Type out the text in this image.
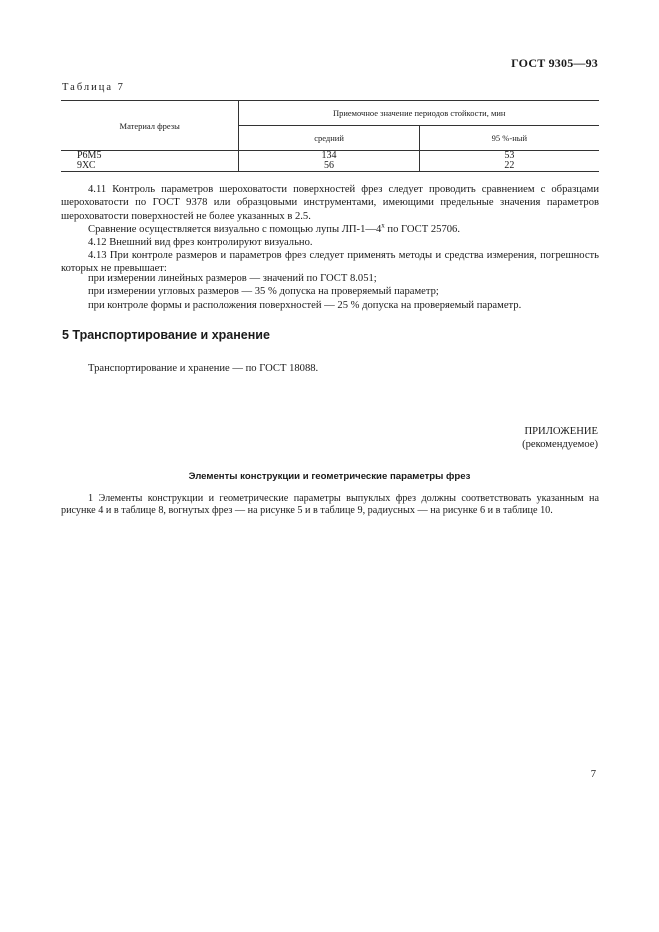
ГОСТ 9305—93
Таблица 7
Материал фрезы	Приемочное значение периодов стойкости, мин	
	средний	95 %-ный
Р6М5	134	53
9ХС	56	22
4.11 Контроль параметров шероховатости поверхностей фрез следует проводить сравнением с образцами шероховатости по ГОСТ 9378 или образцовыми инструментами, имеющими предельные значения параметров шероховатости поверхностей не более указанных в 2.5.
Сравнение осуществляется визуально с помощью лупы $ЛП-1—4^х$ по ГОСТ 25706.
4.12 Внешний вид фрез контролируют визуально.
4.13 При контроле размеров и параметров фрез следует применять методы и средства измерения, погрешность которых не превышает:
при измерении линейных размеров — значений по ГОСТ 8.051;
при измерении угловых размеров — 35 % допуска на проверяемый параметр;
при контроле формы и расположения поверхностей — 25 % допуска на проверяемый параметр.
5 Транспортирование и хранение
Транспортирование и хранение — по ГОСТ 18088.
ПРИЛОЖЕНИЕ
(рекомендуемое)
Элементы конструкции и геометрические параметры фрез
1 Элементы конструкции и геометрические параметры выпуклых фрез должны соответствовать указанным на рисунке 4 и в таблице 8, вогнутых фрез — на рисунке 5 и в таблице 9, радиусных — на рисунке 6 и в таблице 10.
7
